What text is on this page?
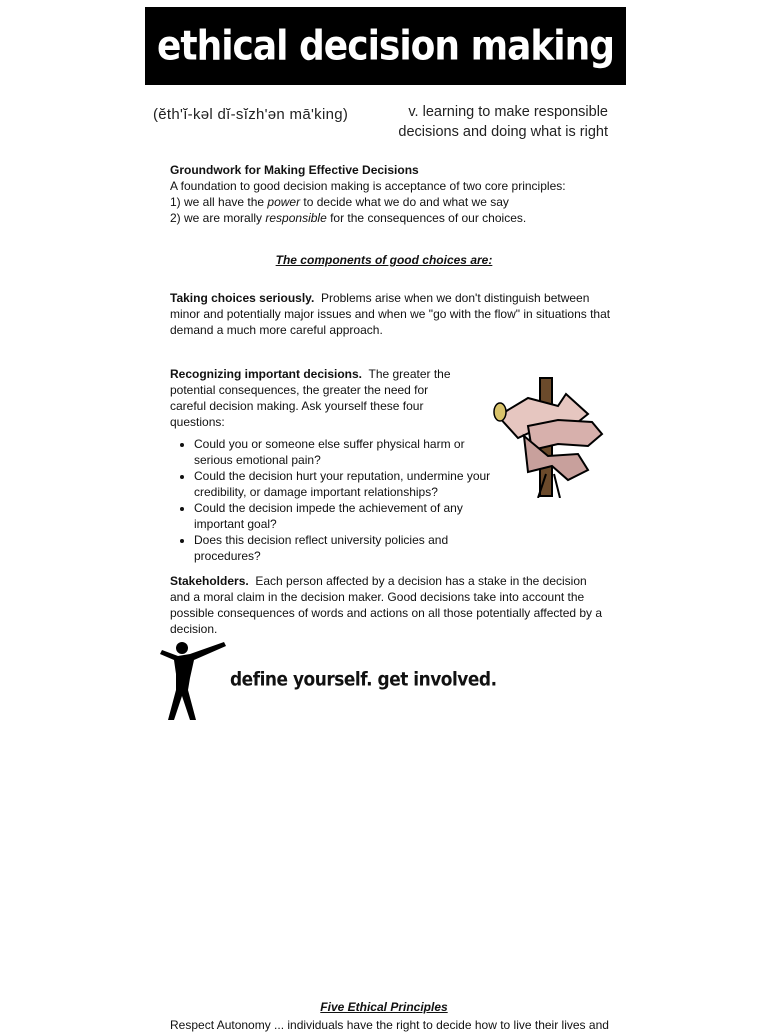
ethical decision making
(ĕth'ĭ-kəl dĭ-sĭzh'ən mā'king)	v. learning to make responsible decisions and doing what is right

Groundwork for Making Effective Decisions

A foundation to good decision making is acceptance of two core principles:

1) we all have the power to decide what we do and what we say

2) we are morally responsible for the consequences of our choices.

The components of good choices are:

Taking choices seriously. Problems arise when we don't distinguish between minor and potentially major issues and when we "go with the flow" in situations that demand a much more careful approach.

Recognizing important decisions. The greater the potential consequences, the greater the need for careful decision making. Ask yourself these four questions:

• Could you or someone else suffer physical harm or serious emotional pain?
• Could the decision hurt your reputation, undermine your credibility, or damage important relationships?
• Could the decision impede the achievement of any important goal?
• Does this decision reflect university policies and procedures?

Stakeholders. Each person affected by a decision has a stake in the decision and a moral claim in the decision maker. Good decisions take into account the possible consequences of words and actions on all those potentially affected by a decision.

define yourself. get involved.
Five Ethical Principles
Respect Autonomy ... individuals have the right to decide how to live their lives and
